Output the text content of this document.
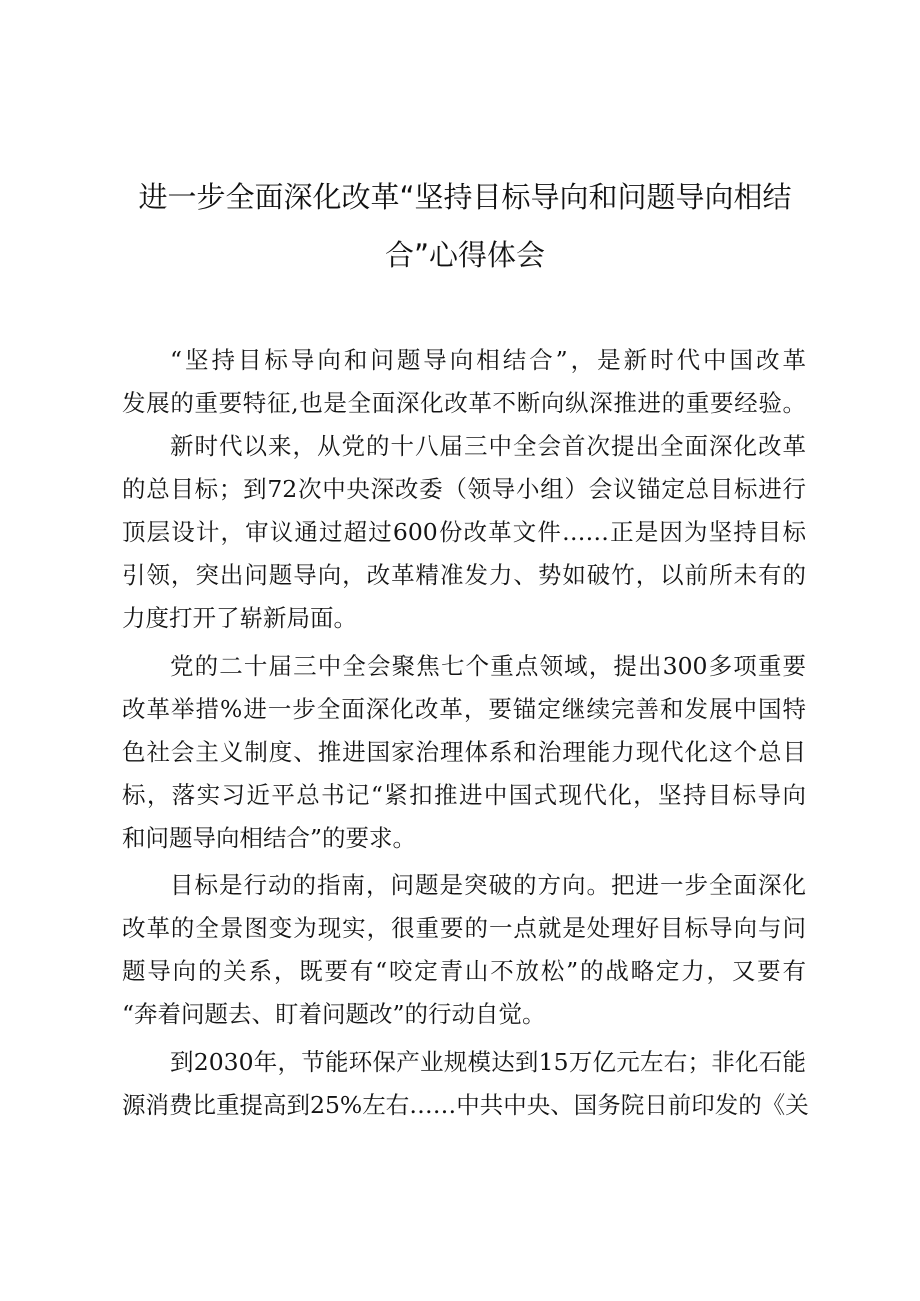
进一步全面深化改革“坚持目标导向和问题导向相结
合”心得体会

“坚持目标导向和问题导向相结合”，是新时代中国改革

发展的重要特征,也是全面深化改革不断向纵深推进的重要经验。

新时代以来，从党的十八届三中全会首次提出全面深化改革

的总目标；到72次中央深改委（领导小组）会议锚定总目标进行

顶层设计，审议通过超过600份改革文件……正是因为坚持目标

引领，突出问题导向，改革精准发力、势如破竹，以前所未有的

力度打开了崭新局面。

党的二十届三中全会聚焦七个重点领域，提出300多项重要

改革举措%进一步全面深化改革，要锚定继续完善和发展中国特

色社会主义制度、推进国家治理体系和治理能力现代化这个总目

标，落实习近平总书记“紧扣推进中国式现代化，坚持目标导向

和问题导向相结合”的要求。

目标是行动的指南，问题是突破的方向。把进一步全面深化

改革的全景图变为现实，很重要的一点就是处理好目标导向与问

题导向的关系，既要有“咬定青山不放松”的战略定力，又要有

“奔着问题去、盯着问题改”的行动自觉。

到2030年，节能环保产业规模达到15万亿元左右；非化石能

源消费比重提高到25%左右……中共中央、国务院日前印发的《关
